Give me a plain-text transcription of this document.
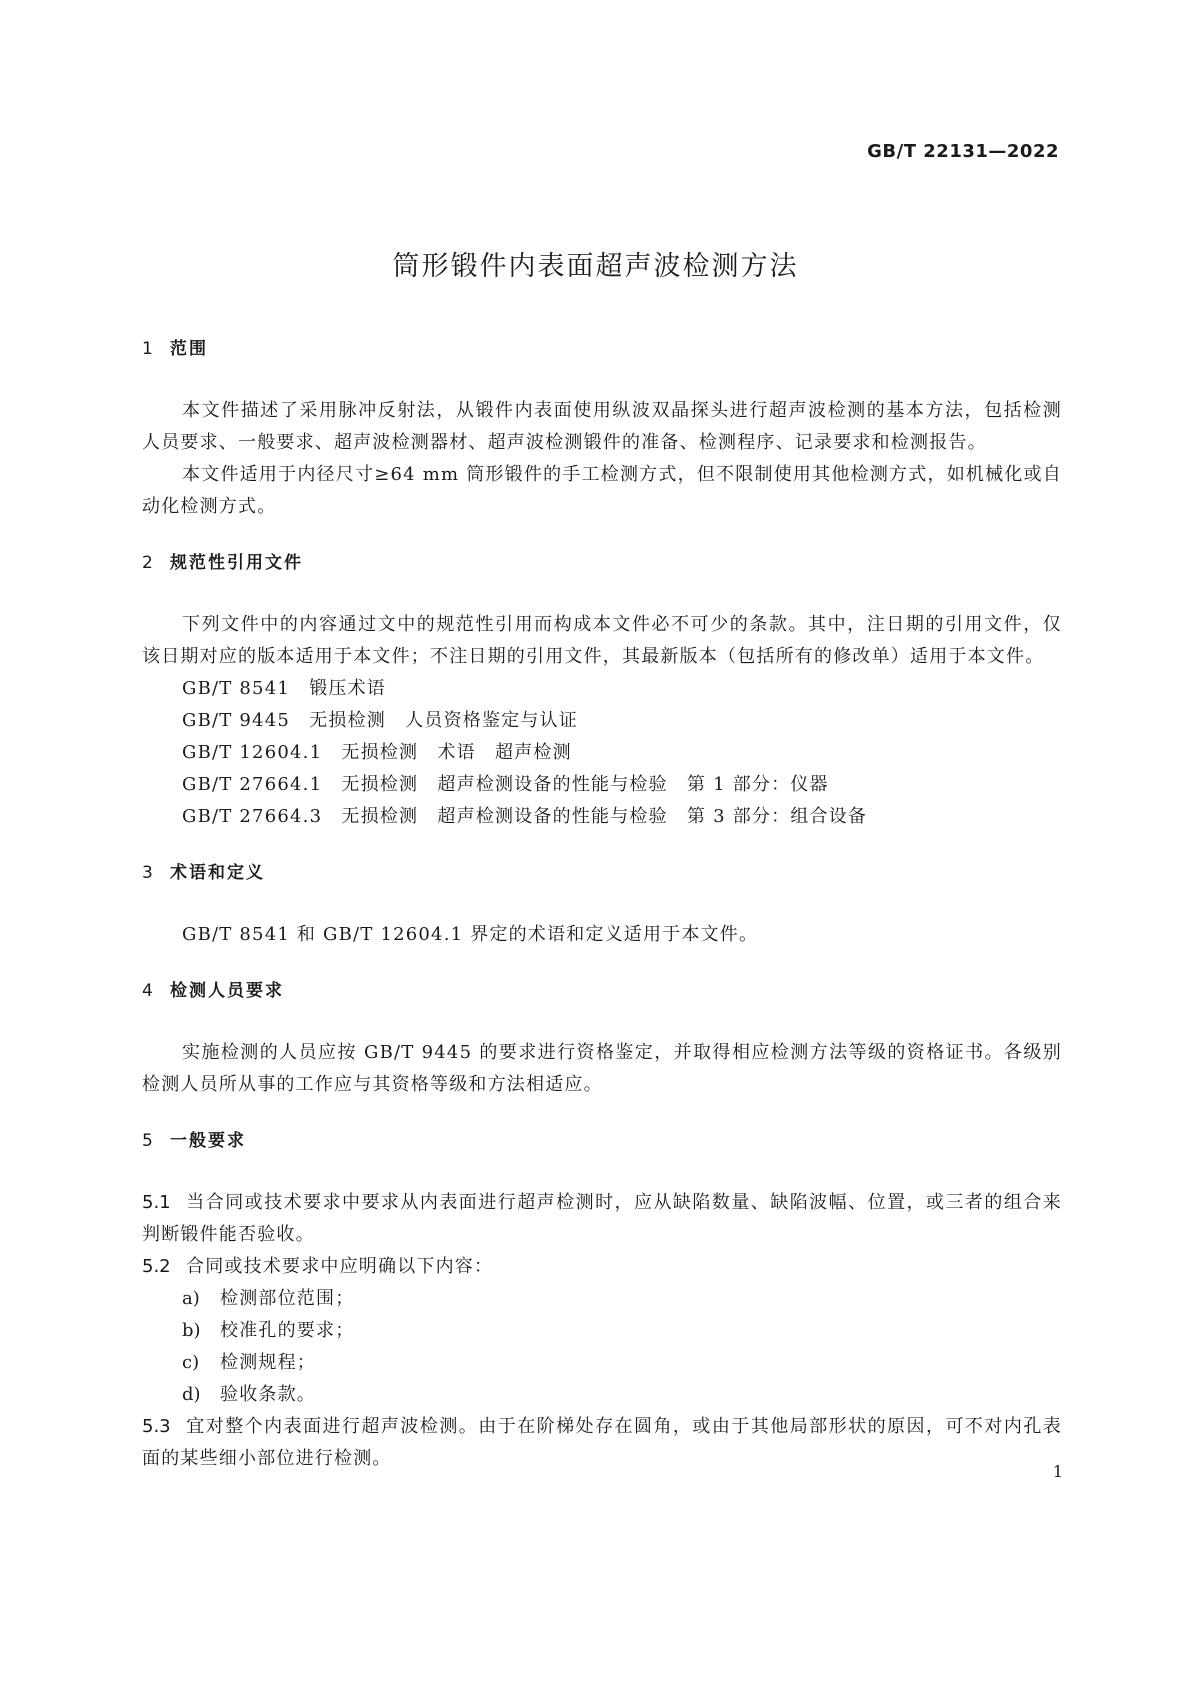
GB/T 22131—2022
筒形锻件内表面超声波检测方法
1 范围
本文件描述了采用脉冲反射法，从锻件内表面使用纵波双晶探头进行超声波检测的基本方法，包括检测人员要求、一般要求、超声波检测器材、超声波检测锻件的准备、检测程序、记录要求和检测报告。
本文件适用于内径尺寸≥64 mm 筒形锻件的手工检测方式，但不限制使用其他检测方式，如机械化或自动化检测方式。
2 规范性引用文件
下列文件中的内容通过文中的规范性引用而构成本文件必不可少的条款。其中，注日期的引用文件，仅该日期对应的版本适用于本文件；不注日期的引用文件，其最新版本（包括所有的修改单）适用于本文件。
GB/T 8541　锻压术语
GB/T 9445　无损检测　人员资格鉴定与认证
GB/T 12604.1　无损检测　术语　超声检测
GB/T 27664.1　无损检测　超声检测设备的性能与检验　第 1 部分：仪器
GB/T 27664.3　无损检测　超声检测设备的性能与检验　第 3 部分：组合设备
3 术语和定义
GB/T 8541 和 GB/T 12604.1 界定的术语和定义适用于本文件。
4 检测人员要求
实施检测的人员应按 GB/T 9445 的要求进行资格鉴定，并取得相应检测方法等级的资格证书。各级别检测人员所从事的工作应与其资格等级和方法相适应。
5 一般要求
5.1 当合同或技术要求中要求从内表面进行超声检测时，应从缺陷数量、缺陷波幅、位置，或三者的组合来判断锻件能否验收。
5.2 合同或技术要求中应明确以下内容：
a) 检测部位范围；
b) 校准孔的要求；
c) 检测规程；
d) 验收条款。
5.3 宜对整个内表面进行超声波检测。由于在阶梯处存在圆角，或由于其他局部形状的原因，可不对内孔表面的某些细小部位进行检测。
1
